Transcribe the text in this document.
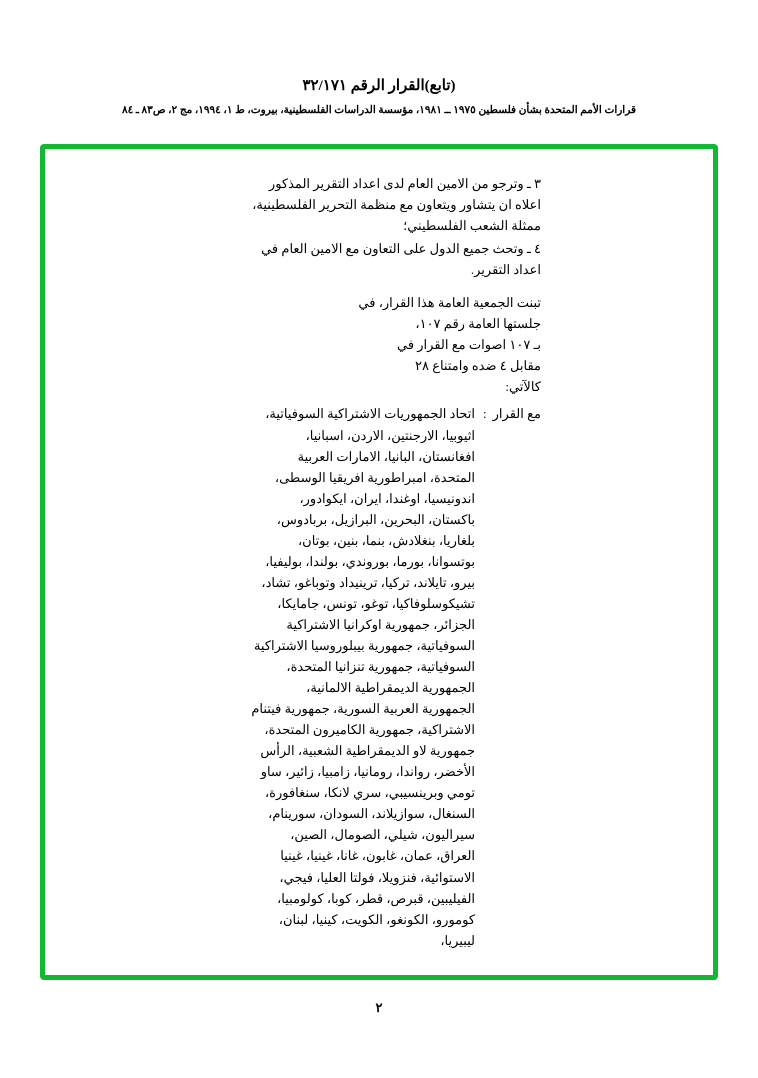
(تابع)القرار الرقم ٣٢/١٧١
قرارات الأمم المتحدة بشأن فلسطين ١٩٧٥ ــ ١٩٨١، مؤسسة الدراسات الفلسطينية، بيروت، ط ١، ١٩٩٤، مج ٢، ص٨٣ ـ ٨٤

٣ ـ وترجو من الامين العام لدى اعداد التقرير المذكور اعلاه ان يتشاور ويتعاون مع منظمة التحرير الفلسطينية، ممثلة الشعب الفلسطيني؛

٤ ـ وتحث جميع الدول على التعاون مع الامين العام في اعداد التقرير.

تبنت الجمعية العامة هذا القرار، في

جلستها العامة رقم ١٠٧،

بـ ١٠٧ اصوات مع القرار في

مقابل ٤ ضده وامتناع ٢٨

كالآتي:

مع القرار
:
اتحاد الجمهوريات الاشتراكية السوفياتية، اثيوبيا، الارجنتين، الاردن، اسبانيا، افغانستان، البانيا، الامارات العربية المتحدة، امبراطورية افريقيا الوسطى، اندونيسيا، اوغندا، ايران، ايكوادور، باكستان، البحرين، البرازيل، بربادوس، بلغاريا، بنغلادش، بنما، بنين، بوتان، بوتسوانا، بورما، بوروندي، بولندا، بوليفيا، بيرو، تايلاند، تركيا، ترينيداد وتوباغو، تشاد، تشيكوسلوفاكيا، توغو، تونس، جامايكا، الجزائر، جمهورية اوكرانيا الاشتراكية السوفياتية، جمهورية بيبلوروسيا الاشتراكية السوفياتية، جمهورية تنزانيا المتحدة، الجمهورية الديمقراطية الالمانية، الجمهورية العربية السورية، جمهورية فيتنام الاشتراكية، جمهورية الكاميرون المتحدة، جمهورية لاو الديمقراطية الشعبية، الرأس الأخضر، رواندا، رومانيا، زامبيا، زائير، ساو تومي وبرينسيبي، سري لانكا، سنغافورة، السنغال، سوازيلاند، السودان، سورينام، سيراليون، شيلي، الصومال، الصين، العراق، عمان، غابون، غانا، غينيا، غينيا الاستوائية، فنزويلا، فولتا العليا، فيجي، الفيليبين، قبرص، قطر، كوبا، كولومبيا، كومورو، الكونغو، الكويت، كينيا، لبنان، ليبيريا،
٢
